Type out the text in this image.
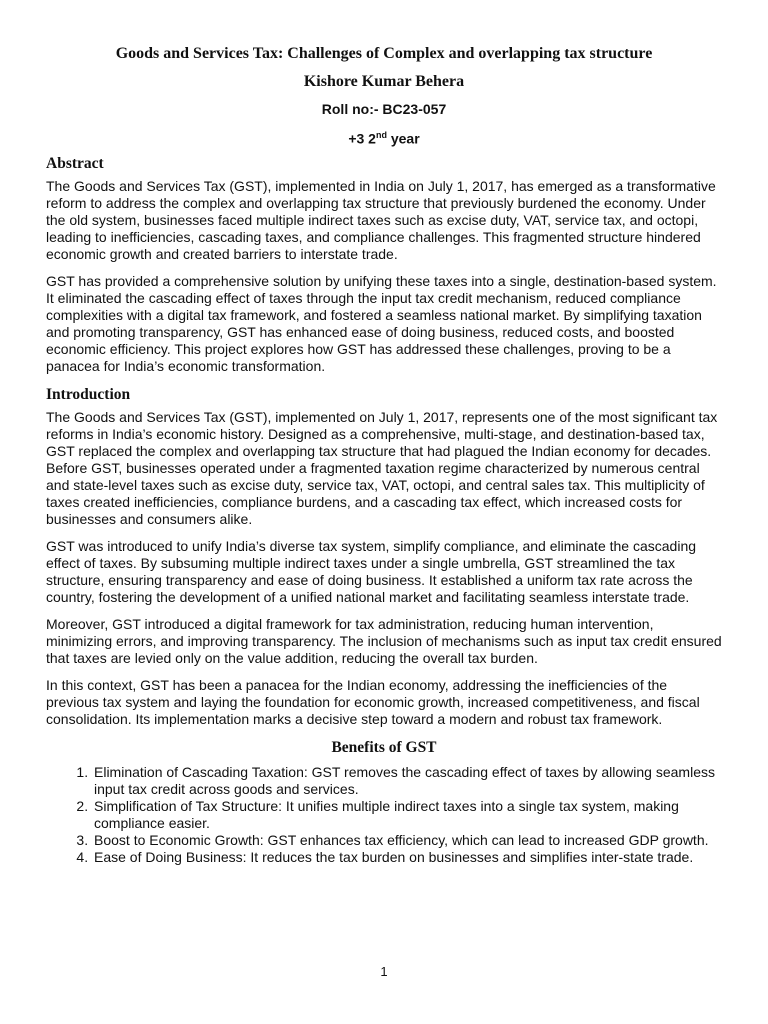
Goods and Services Tax: Challenges of Complex and overlapping tax structure
Kishore Kumar Behera
Roll no:- BC23-057
+3 2nd year
Abstract

The Goods and Services Tax (GST), implemented in India on July 1, 2017, has emerged as a transformative reform to address the complex and overlapping tax structure that previously burdened the economy. Under the old system, businesses faced multiple indirect taxes such as excise duty, VAT, service tax, and octopi, leading to inefficiencies, cascading taxes, and compliance challenges. This fragmented structure hindered economic growth and created barriers to interstate trade.

GST has provided a comprehensive solution by unifying these taxes into a single, destination-based system. It eliminated the cascading effect of taxes through the input tax credit mechanism, reduced compliance complexities with a digital tax framework, and fostered a seamless national market. By simplifying taxation and promoting transparency, GST has enhanced ease of doing business, reduced costs, and boosted economic efficiency. This project explores how GST has addressed these challenges, proving to be a panacea for India’s economic transformation.

Introduction

The Goods and Services Tax (GST), implemented on July 1, 2017, represents one of the most significant tax reforms in India’s economic history. Designed as a comprehensive, multi-stage, and destination-based tax, GST replaced the complex and overlapping tax structure that had plagued the Indian economy for decades. Before GST, businesses operated under a fragmented taxation regime characterized by numerous central and state-level taxes such as excise duty, service tax, VAT, octopi, and central sales tax. This multiplicity of taxes created inefficiencies, compliance burdens, and a cascading tax effect, which increased costs for businesses and consumers alike.

GST was introduced to unify India’s diverse tax system, simplify compliance, and eliminate the cascading effect of taxes. By subsuming multiple indirect taxes under a single umbrella, GST streamlined the tax structure, ensuring transparency and ease of doing business. It established a uniform tax rate across the country, fostering the development of a unified national market and facilitating seamless interstate trade.

Moreover, GST introduced a digital framework for tax administration, reducing human intervention, minimizing errors, and improving transparency. The inclusion of mechanisms such as input tax credit ensured that taxes are levied only on the value addition, reducing the overall tax burden.

In this context, GST has been a panacea for the Indian economy, addressing the inefficiencies of the previous tax system and laying the foundation for economic growth, increased competitiveness, and fiscal consolidation. Its implementation marks a decisive step toward a modern and robust tax framework.

Benefits of GST
1. Elimination of Cascading Taxation: GST removes the cascading effect of taxes by allowing seamless input tax credit across goods and services.
2. Simplification of Tax Structure: It unifies multiple indirect taxes into a single tax system, making compliance easier.
3. Boost to Economic Growth: GST enhances tax efficiency, which can lead to increased GDP growth.
4. Ease of Doing Business: It reduces the tax burden on businesses and simplifies inter-state trade.
1
